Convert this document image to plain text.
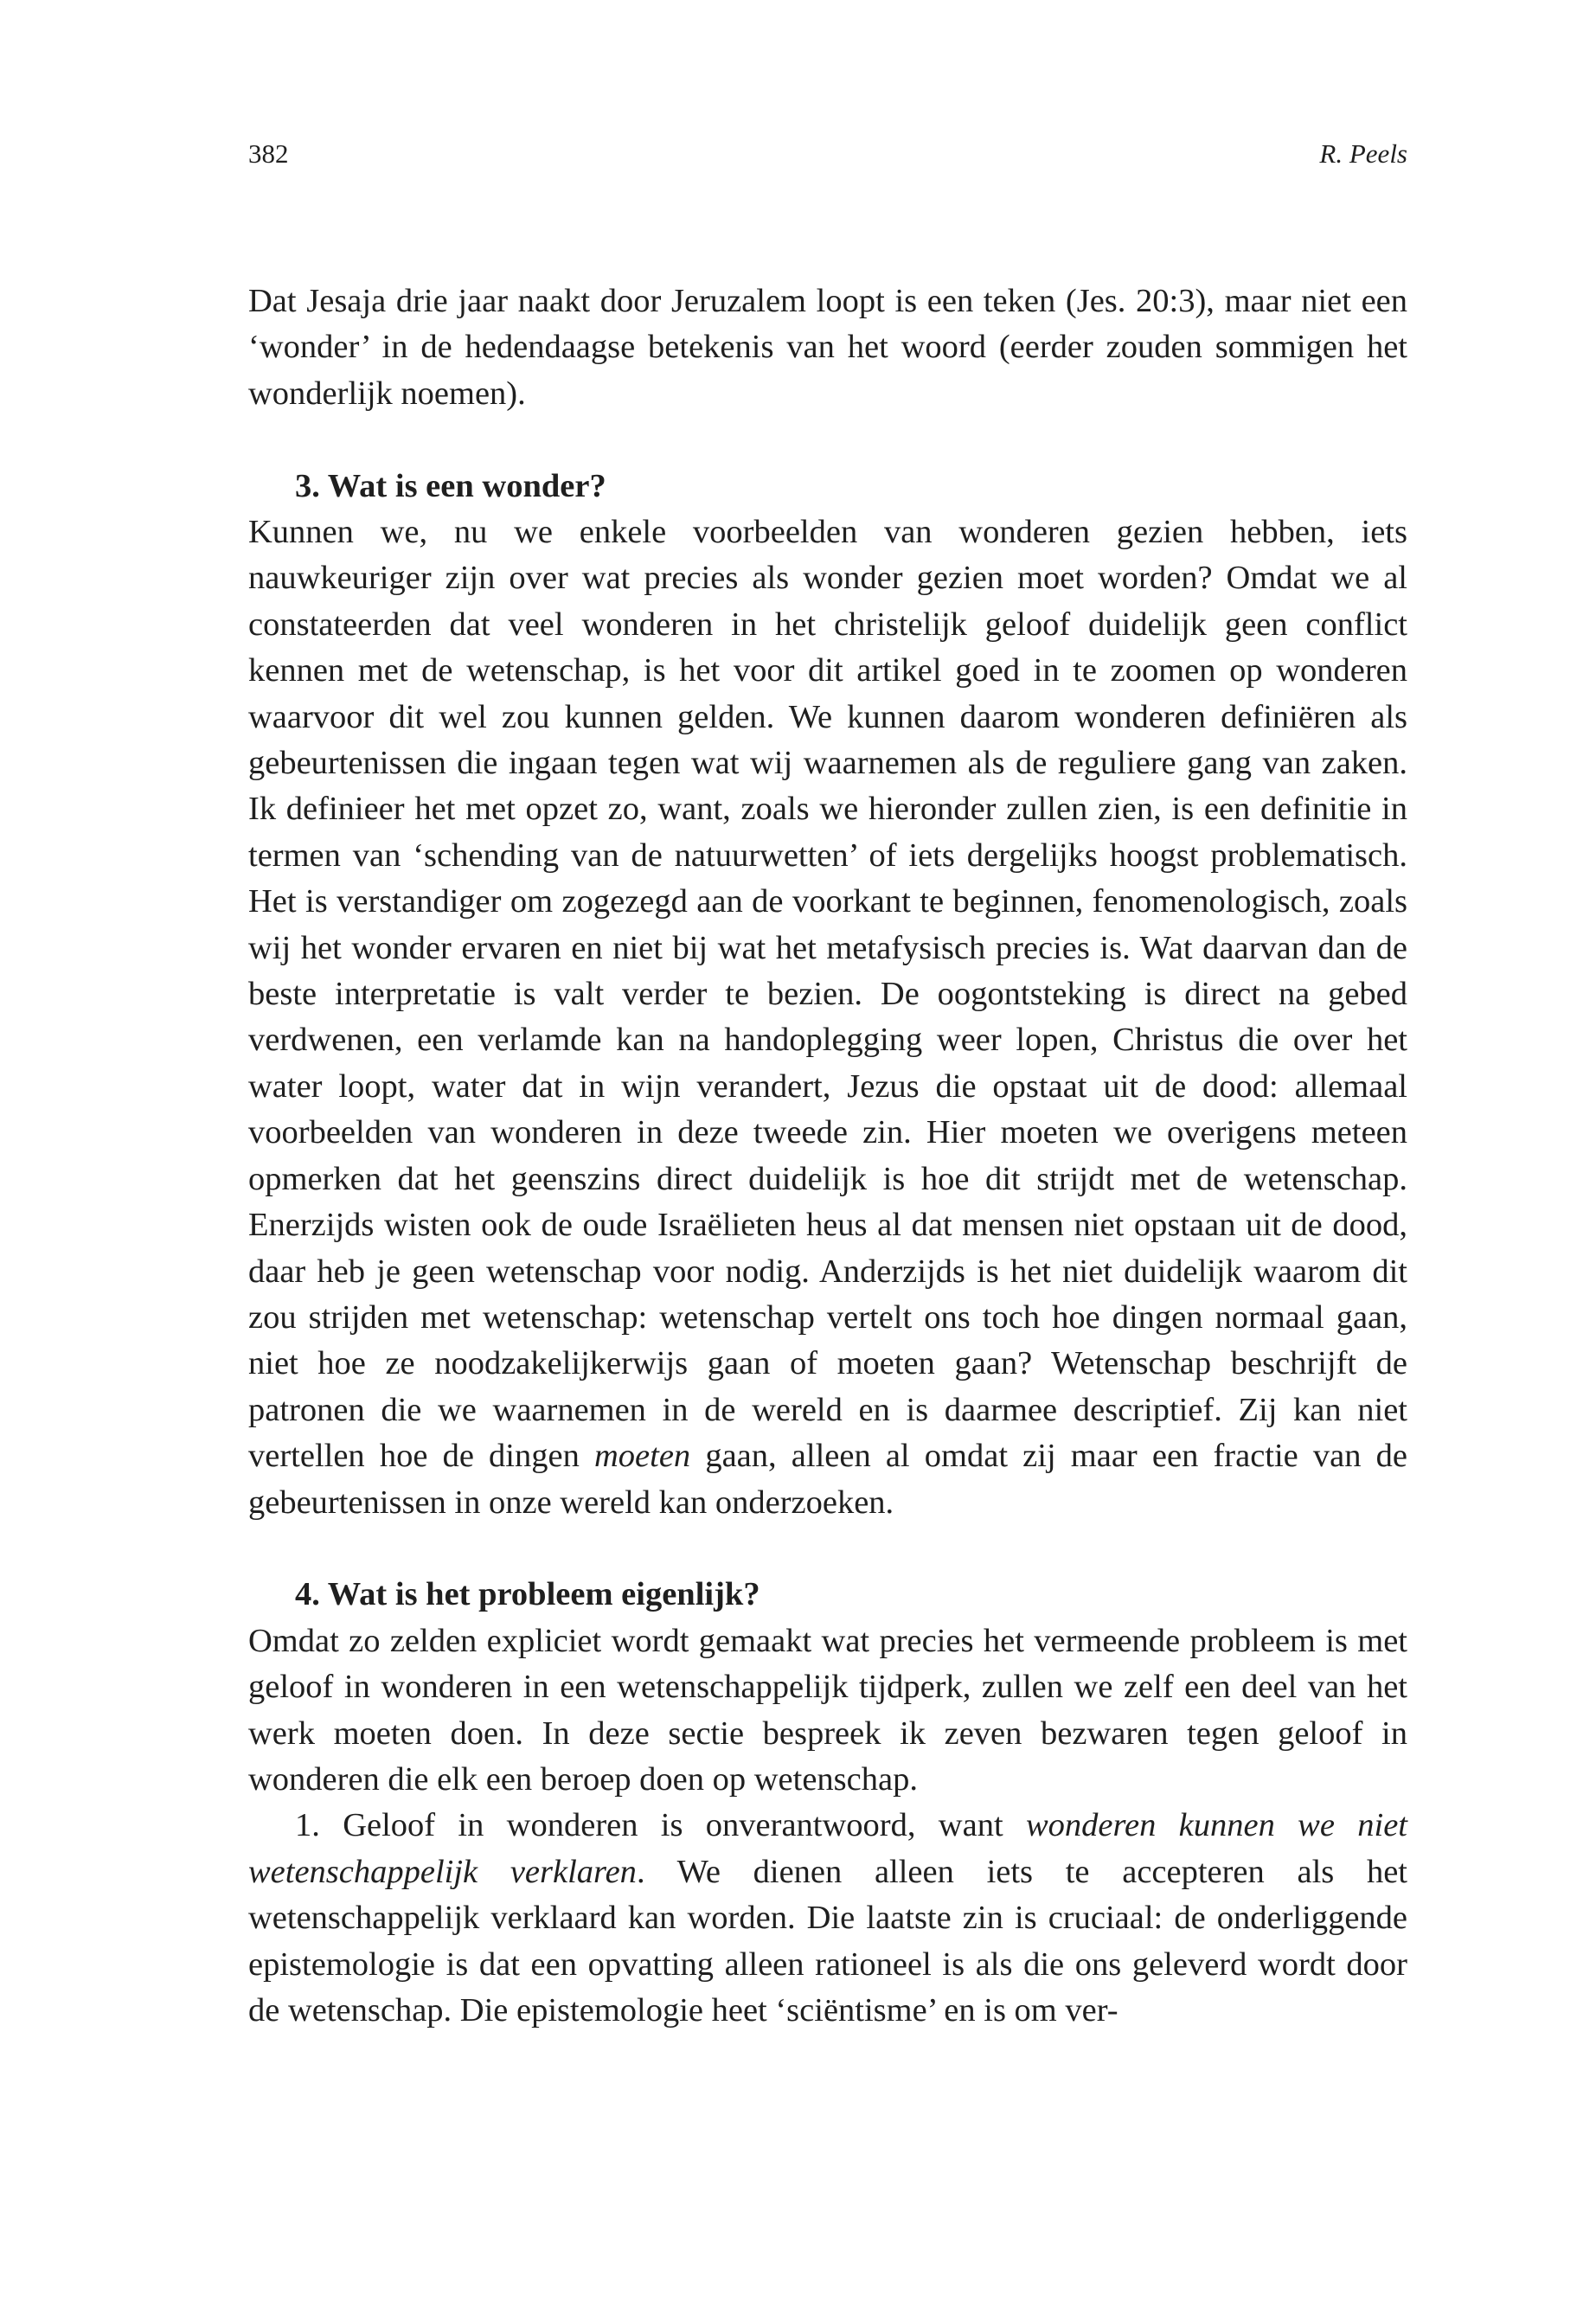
382	R. Peels

Dat Jesaja drie jaar naakt door Jeruzalem loopt is een teken (Jes. 20:3), maar niet een ‘wonder’ in de hedendaagse betekenis van het woord (eerder zouden sommigen het wonderlijk noemen).

3. Wat is een wonder?

Kunnen we, nu we enkele voorbeelden van wonderen gezien hebben, iets nauwkeuriger zijn over wat precies als wonder gezien moet worden? Omdat we al constateerden dat veel wonderen in het christelijk geloof duidelijk geen conflict kennen met de wetenschap, is het voor dit artikel goed in te zoomen op wonderen waarvoor dit wel zou kunnen gelden. We kunnen daarom wonderen definiëren als gebeurtenissen die ingaan tegen wat wij waarnemen als de reguliere gang van zaken. Ik definieer het met opzet zo, want, zoals we hieronder zullen zien, is een definitie in termen van ‘schending van de natuurwetten’ of iets dergelijks hoogst problematisch. Het is verstandiger om zogezegd aan de voorkant te beginnen, fenomenologisch, zoals wij het wonder ervaren en niet bij wat het metafysisch precies is. Wat daarvan dan de beste interpretatie is valt verder te bezien. De oogontsteking is direct na gebed verdwenen, een verlamde kan na handoplegging weer lopen, Christus die over het water loopt, water dat in wijn verandert, Jezus die opstaat uit de dood: allemaal voorbeelden van wonderen in deze tweede zin. Hier moeten we overigens meteen opmerken dat het geenszins direct duidelijk is hoe dit strijdt met de wetenschap. Enerzijds wisten ook de oude Israëlieten heus al dat mensen niet opstaan uit de dood, daar heb je geen wetenschap voor nodig. Anderzijds is het niet duidelijk waarom dit zou strijden met wetenschap: wetenschap vertelt ons toch hoe dingen normaal gaan, niet hoe ze noodzakelijkerwijs gaan of moeten gaan? Wetenschap beschrijft de patronen die we waarnemen in de wereld en is daarmee descriptief. Zij kan niet vertellen hoe de dingen moeten gaan, alleen al omdat zij maar een fractie van de gebeurtenissen in onze wereld kan onderzoeken.

4. Wat is het probleem eigenlijk?

Omdat zo zelden expliciet wordt gemaakt wat precies het vermeende probleem is met geloof in wonderen in een wetenschappelijk tijdperk, zullen we zelf een deel van het werk moeten doen. In deze sectie bespreek ik zeven bezwaren tegen geloof in wonderen die elk een beroep doen op wetenschap.

1. Geloof in wonderen is onverantwoord, want wonderen kunnen we niet wetenschappelijk verklaren. We dienen alleen iets te accepteren als het wetenschappelijk verklaard kan worden. Die laatste zin is cruciaal: de onderliggende epistemologie is dat een opvatting alleen rationeel is als die ons geleverd wordt door de wetenschap. Die epistemologie heet ‘sciëntisme’ en is om ver-
